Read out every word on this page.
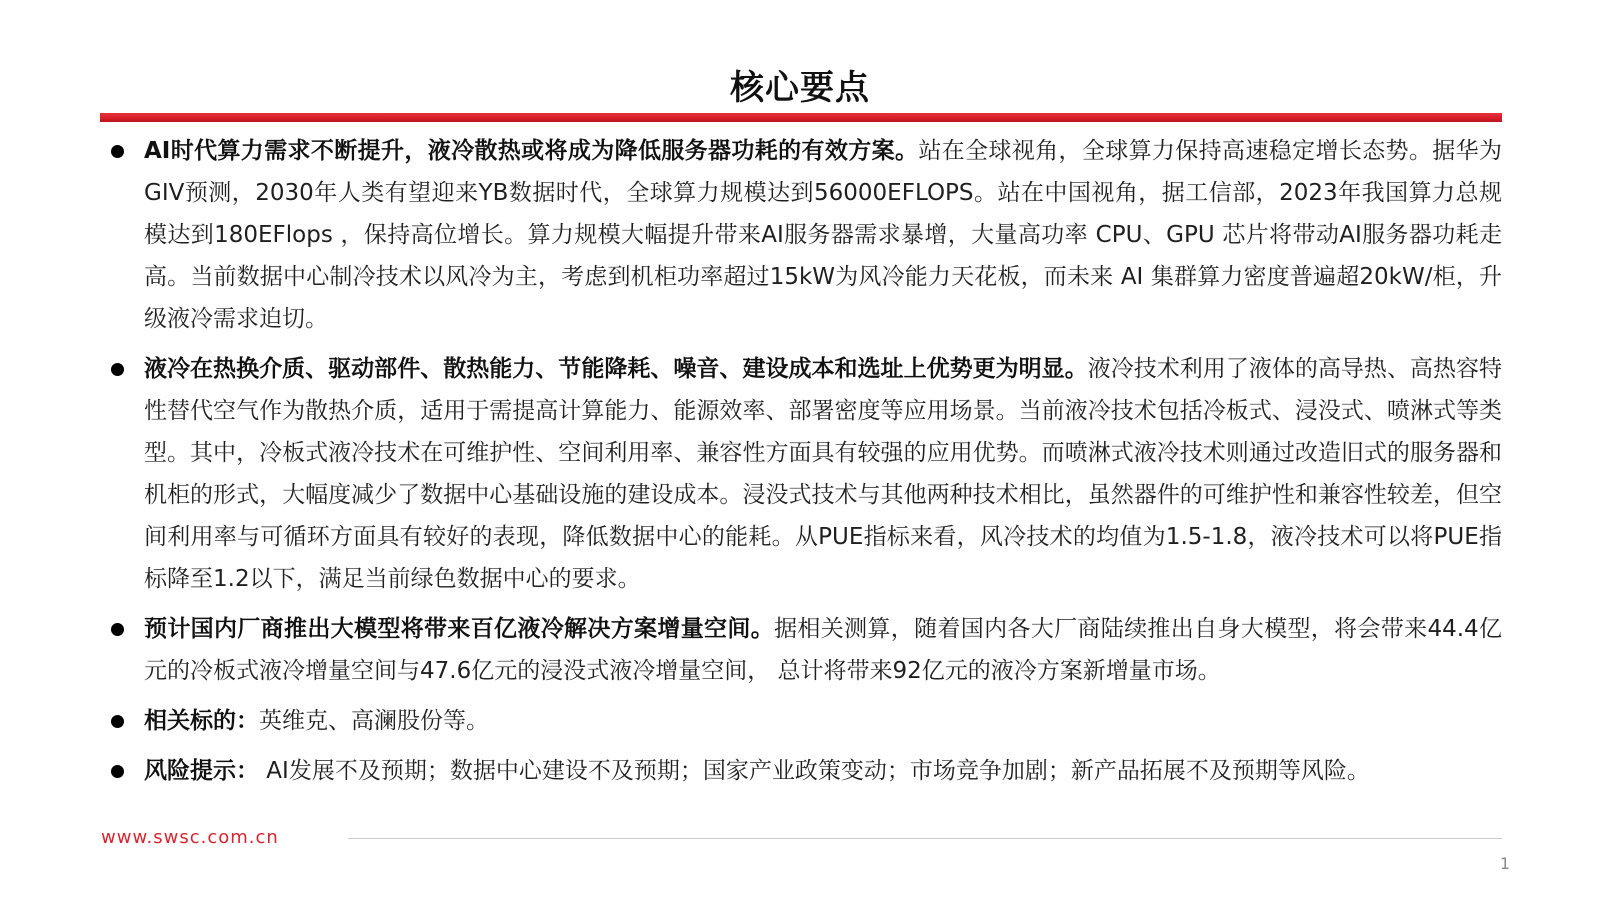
核心要点
AI时代算力需求不断提升，液冷散热或将成为降低服务器功耗的有效方案。站在全球视角，全球算力保持高速稳定增长态势。据华为GIV预测，2030年人类有望迎来YB数据时代，全球算力规模达到56000EFLOPS。站在中国视角，据工信部，2023年我国算力总规模达到180EFlops ，保持高位增长。算力规模大幅提升带来AI服务器需求暴增，大量高功率 CPU、GPU 芯片将带动AI服务器功耗走高。当前数据中心制冷技术以风冷为主，考虑到机柜功率超过15kW为风冷能力天花板，而未来 AI 集群算力密度普遍超20kW/柜，升级液冷需求迫切。
液冷在热换介质、驱动部件、散热能力、节能降耗、噪音、建设成本和选址上优势更为明显。液冷技术利用了液体的高导热、高热容特性替代空气作为散热介质，适用于需提高计算能力、能源效率、部署密度等应用场景。当前液冷技术包括冷板式、浸没式、喷淋式等类型。其中，冷板式液冷技术在可维护性、空间利用率、兼容性方面具有较强的应用优势。而喷淋式液冷技术则通过改造旧式的服务器和机柜的形式，大幅度减少了数据中心基础设施的建设成本。浸没式技术与其他两种技术相比，虽然器件的可维护性和兼容性较差，但空间利用率与可循环方面具有较好的表现，降低数据中心的能耗。从PUE指标来看，风冷技术的均值为1.5-1.8，液冷技术可以将PUE指标降至1.2以下，满足当前绿色数据中心的要求。
预计国内厂商推出大模型将带来百亿液冷解决方案增量空间。据相关测算，随着国内各大厂商陆续推出自身大模型，将会带来44.4亿元的冷板式液冷增量空间与47.6亿元的浸没式液冷增量空间， 总计将带来92亿元的液冷方案新增量市场。
相关标的：英维克、高澜股份等。
风险提示： AI发展不及预期；数据中心建设不及预期；国家产业政策变动；市场竞争加剧；新产品拓展不及预期等风险。
www.swsc.com.cn
1
